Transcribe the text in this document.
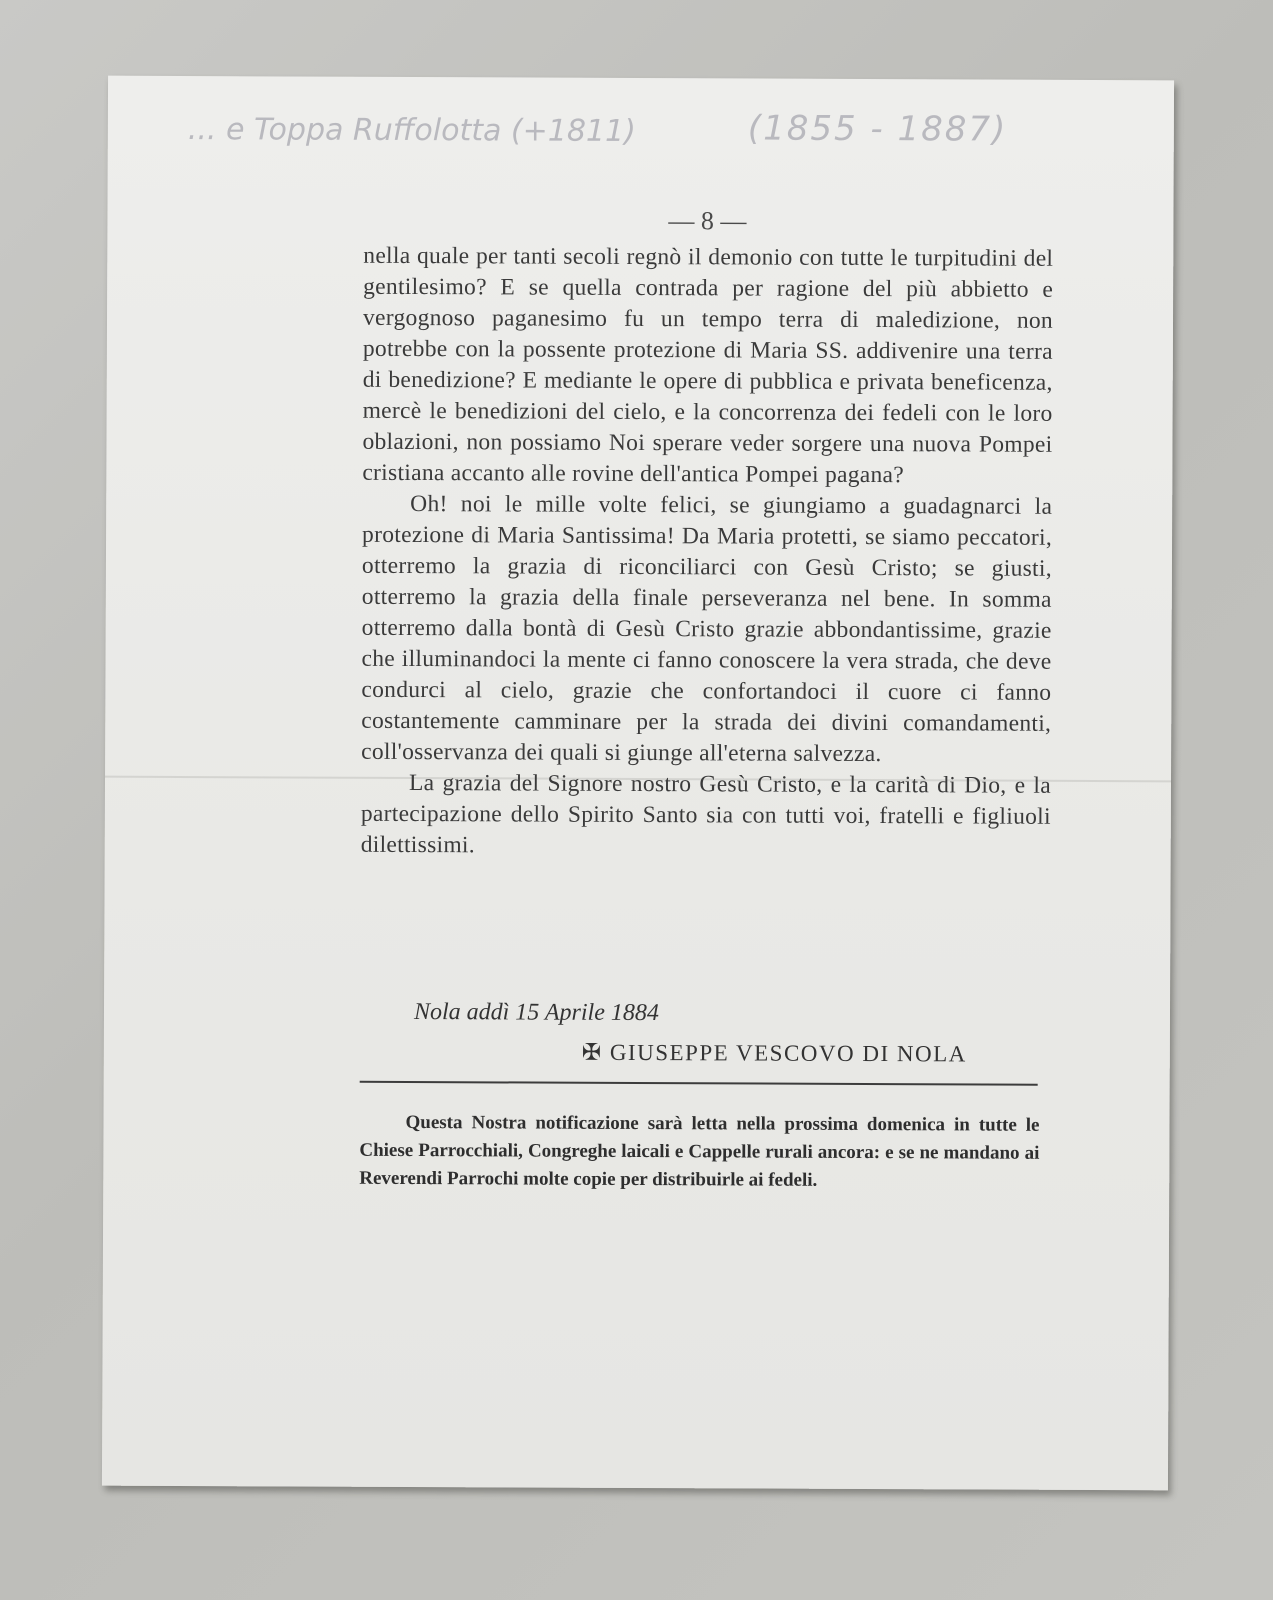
... e Toppa Ruffolotta (+1811)	(1855 - 1887)
— 8 —

nella quale per tanti secoli regnò il demonio con tutte le turpitudini del gentilesimo? E se quella contrada per ragione del più abbietto e vergognoso paganesimo fu un tempo terra di maledizione, non potrebbe con la possente protezione di Maria SS. addivenire una terra di benedizione? E mediante le opere di pubblica e privata beneficenza, mercè le benedizioni del cielo, e la concorrenza dei fedeli con le loro oblazioni, non possiamo Noi sperare veder sorgere una nuova Pompei cristiana accanto alle rovine dell'antica Pompei pagana?

Oh! noi le mille volte felici, se giungiamo a guadagnarci la protezione di Maria Santissima! Da Maria protetti, se siamo peccatori, otterremo la grazia di riconciliarci con Gesù Cristo; se giusti, otterremo la grazia della finale perseveranza nel bene. In somma otterremo dalla bontà di Gesù Cristo grazie abbondantissime, grazie che illuminandoci la mente ci fanno conoscere la vera strada, che deve condurci al cielo, grazie che confortandoci il cuore ci fanno costantemente camminare per la strada dei divini comandamenti, coll'osservanza dei quali si giunge all'eterna salvezza.

La grazia del Signore nostro Gesù Cristo, e la carità di Dio, e la partecipazione dello Spirito Santo sia con tutti voi, fratelli e figliuoli dilettissimi.

Nola addì 15 Aprile 1884
✠ GIUSEPPE VESCOVO DI NOLA
Questa Nostra notificazione sarà letta nella prossima domenica in tutte le Chiese Parrocchiali, Congreghe laicali e Cappelle rurali ancora: e se ne mandano ai Reverendi Parrochi molte copie per distribuirle ai fedeli.
